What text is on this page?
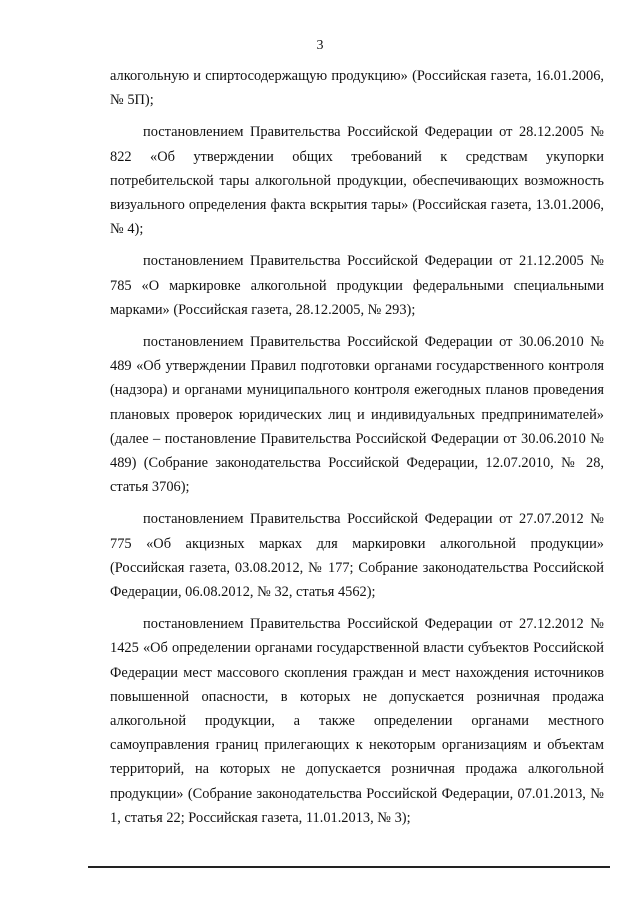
3

алкогольную и спиртосодержащую продукцию» (Российская газета, 16.01.2006, № 5П);

постановлением Правительства Российской Федерации от 28.12.2005 № 822 «Об утверждении общих требований к средствам укупорки потребительской тары алкогольной продукции, обеспечивающих возможность визуального определения факта вскрытия тары» (Российская газета, 13.01.2006, № 4);

постановлением Правительства Российской Федерации от 21.12.2005 № 785 «О маркировке алкогольной продукции федеральными специальными марками» (Российская газета, 28.12.2005, № 293);

постановлением Правительства Российской Федерации от 30.06.2010 № 489 «Об утверждении Правил подготовки органами государственного контроля (надзора) и органами муниципального контроля ежегодных планов проведения плановых проверок юридических лиц и индивидуальных предпринимателей» (далее – постановление Правительства Российской Федерации от 30.06.2010 № 489) (Собрание законодательства Российской Федерации, 12.07.2010, № 28, статья 3706);

постановлением Правительства Российской Федерации от 27.07.2012 № 775 «Об акцизных марках для маркировки алкогольной продукции» (Российская газета, 03.08.2012, № 177; Собрание законодательства Российской Федерации, 06.08.2012, № 32, статья 4562);

постановлением Правительства Российской Федерации от 27.12.2012 № 1425 «Об определении органами государственной власти субъектов Российской Федерации мест массового скопления граждан и мест нахождения источников повышенной опасности, в которых не допускается розничная продажа алкогольной продукции, а также определении органами местного самоуправления границ прилегающих к некоторым организациям и объектам территорий, на которых не допускается розничная продажа алкогольной продукции» (Собрание законодательства Российской Федерации, 07.01.2013, № 1, статья 22; Российская газета, 11.01.2013, № 3);
